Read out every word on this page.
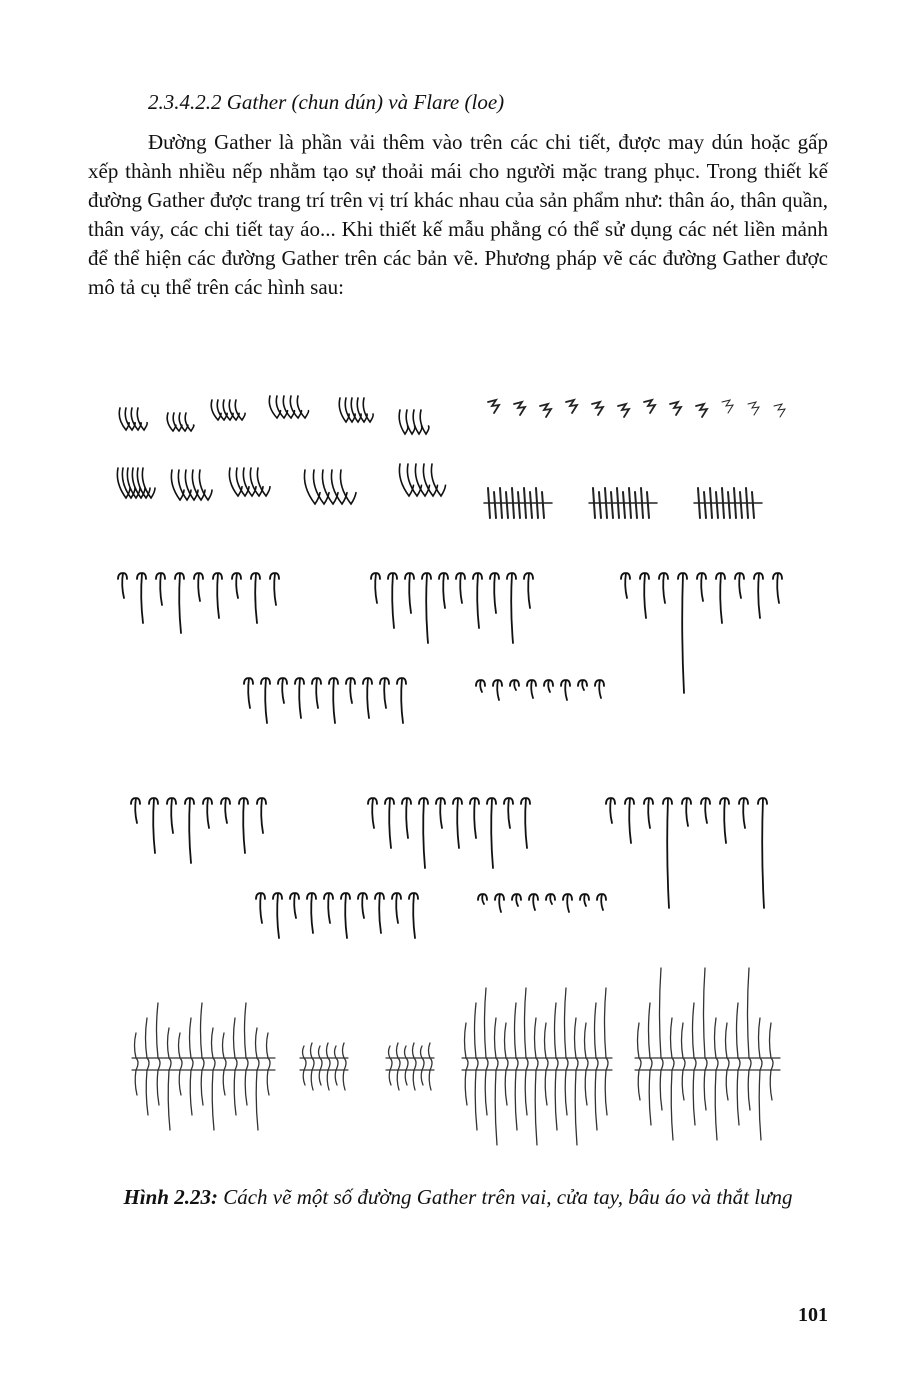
2.3.4.2.2 Gather (chun dún) và Flare (loe)

Đường Gather là phần vải thêm vào trên các chi tiết, được may dún hoặc gấp xếp thành nhiều nếp nhằm tạo sự thoải mái cho người mặc trang phục. Trong thiết kế đường Gather được trang trí trên vị trí khác nhau của sản phẩm như: thân áo, thân quần, thân váy, các chi tiết tay áo... Khi thiết kế mẫu phẳng có thể sử dụng các nét liền mảnh để thể hiện các đường Gather trên các bản vẽ. Phương pháp vẽ các đường Gather được mô tả cụ thể trên các hình sau:

Hình 2.23: Cách vẽ một số đường Gather trên vai, cửa tay, bâu áo và thắt lưng
101
